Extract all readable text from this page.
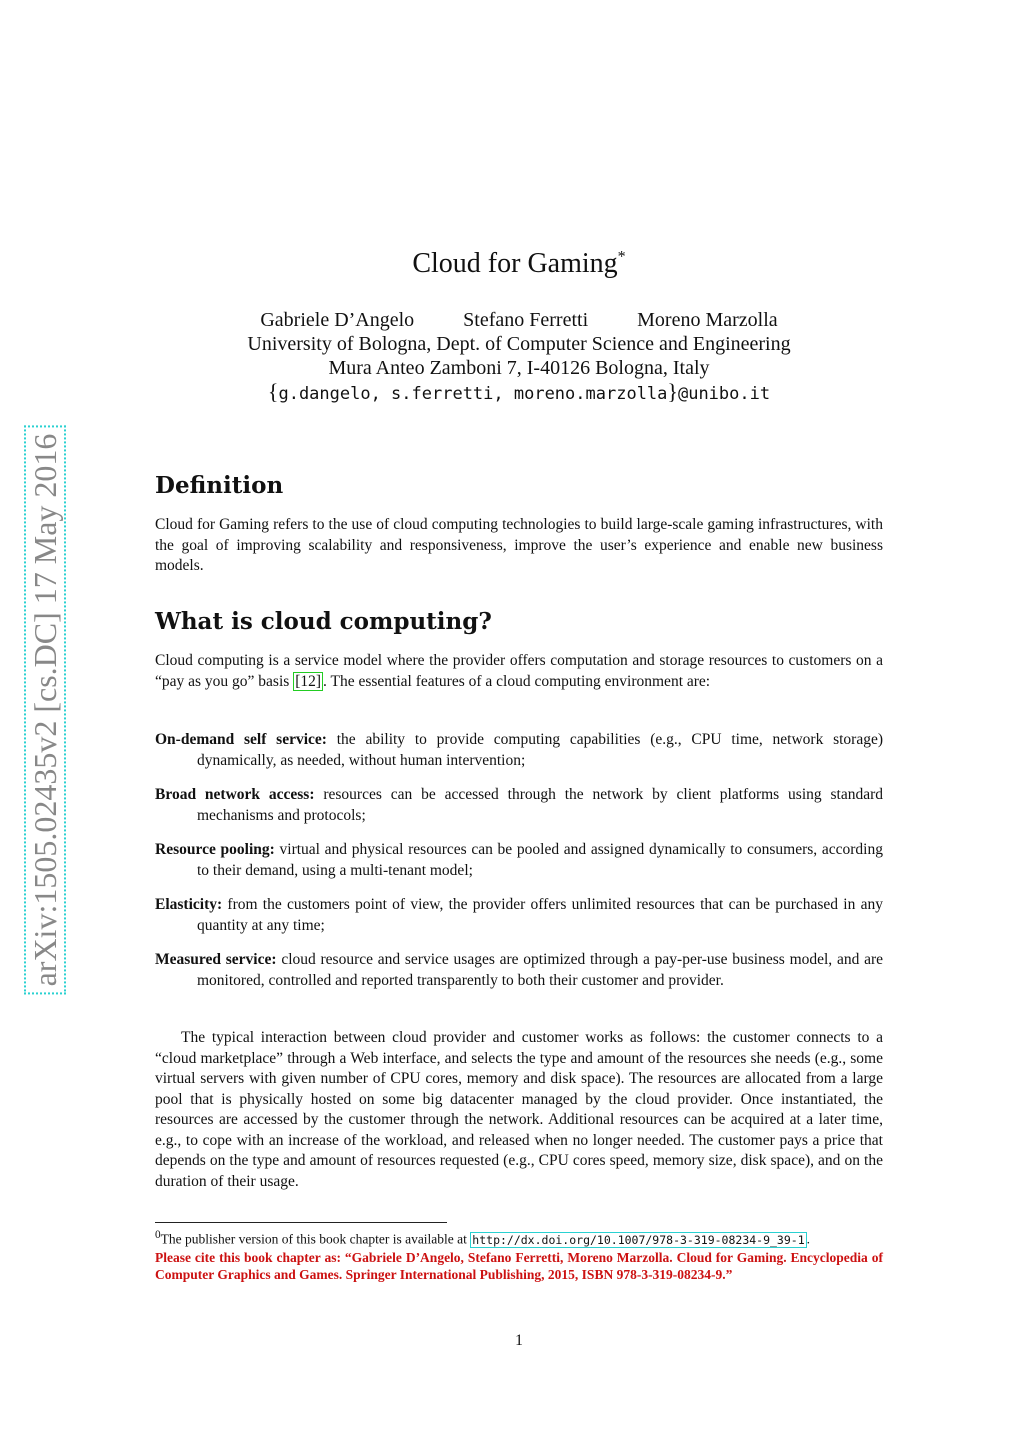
arXiv:1505.02435v2 [cs.DC] 17 May 2016
Cloud for Gaming*
Gabriele D’Angelo Stefano Ferretti Moreno Marzolla
University of Bologna, Dept. of Computer Science and Engineering
Mura Anteo Zamboni 7, I-40126 Bologna, Italy
{g.dangelo, s.ferretti, moreno.marzolla}@unibo.it
Definition

Cloud for Gaming refers to the use of cloud computing technologies to build large-scale gaming infrastructures, with the goal of improving scalability and responsiveness, improve the user’s experience and enable new business models.

What is cloud computing?

Cloud computing is a service model where the provider offers computation and storage resources to customers on a “pay as you go” basis [12] . The essential features of a cloud computing environment are:

On-demand self service: the ability to provide computing capabilities (e.g., CPU time, network storage) dynamically, as needed, without human intervention;
Broad network access: resources can be accessed through the network by client platforms using standard mechanisms and protocols;
Resource pooling: virtual and physical resources can be pooled and assigned dynamically to consumers, according to their demand, using a multi-tenant model;
Elasticity: from the customers point of view, the provider offers unlimited resources that can be purchased in any quantity at any time;
Measured service: cloud resource and service usages are optimized through a pay-per-use business model, and are monitored, controlled and reported transparently to both their customer and provider.

The typical interaction between cloud provider and customer works as follows: the customer connects to a “cloud marketplace” through a Web interface, and selects the type and amount of the resources she needs (e.g., some virtual servers with given number of CPU cores, memory and disk space). The resources are allocated from a large pool that is physically hosted on some big datacenter managed by the cloud provider. Once instantiated, the resources are accessed by the customer through the network. Additional resources can be acquired at a later time, e.g., to cope with an increase of the workload, and released when no longer needed. The customer pays a price that depends on the type and amount of resources requested (e.g., CPU cores speed, memory size, disk space), and on the duration of their usage.

$^0$The publisher version of this book chapter is available at http://dx.doi.org/10.1007/978-3-319-08234-9_39-1 .
Please cite this book chapter as: “Gabriele D’Angelo, Stefano Ferretti, Moreno Marzolla. Cloud for Gaming. Encyclopedia of Computer Graphics and Games. Springer International Publishing, 2015, ISBN 978-3-319-08234-9.”
1
